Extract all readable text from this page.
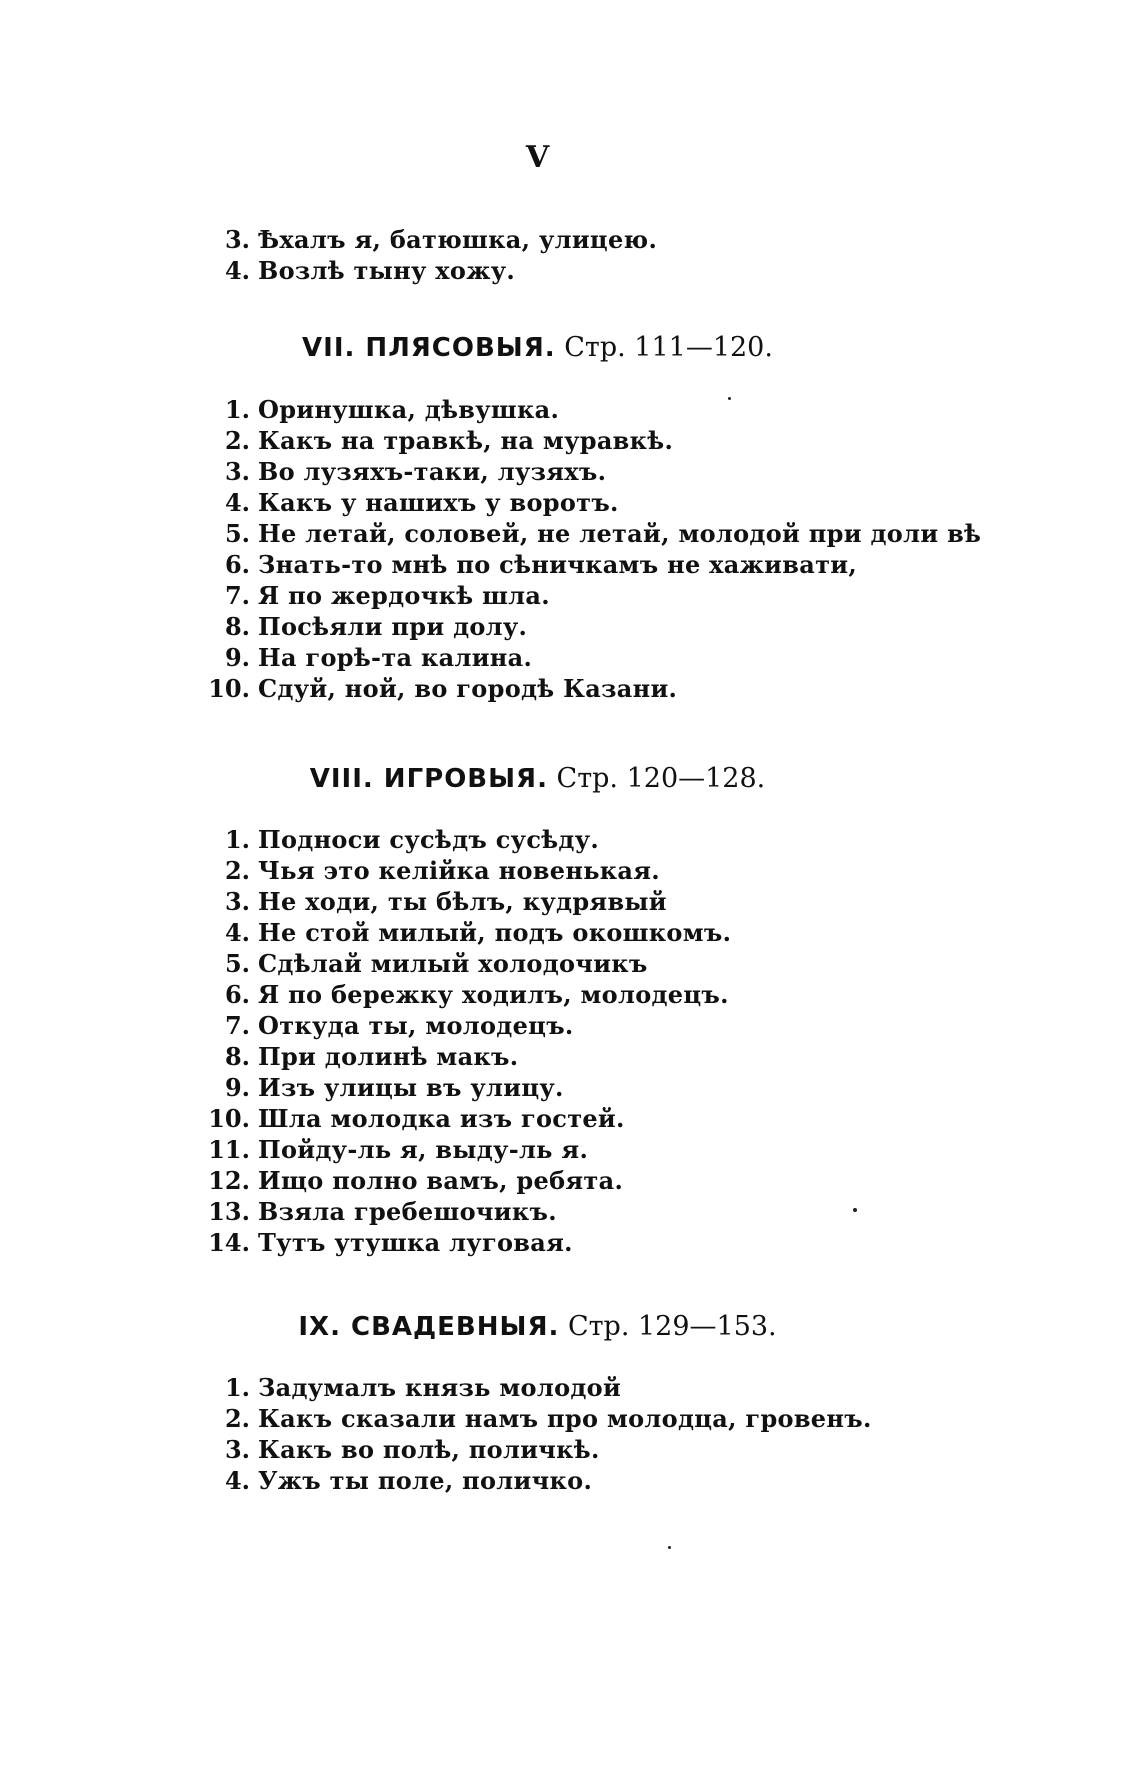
V
3. Ѣхалъ я, батюшка, улицею.
4. Возлѣ тыну хожу.
VII. ПЛЯСОВЫЯ. Стр. 111—120.
1. Оринушка, дѣвушка.
2. Какъ на травкѣ, на муравкѣ.
3. Во лузяхъ-таки, лузяхъ.
4. Какъ у нашихъ у воротъ.
5. Не летай, соловей, не летай, молодой при доли вѣ
6. Знать-то мнѣ по сѣничкамъ не хаживати,
7. Я по жердочкѣ шла.
8. Посѣяли при долу.
9. На горѣ-та калина.
10. Сдуй, ной, во городѣ Казани.
VIII. ИГРОВЫЯ. Стр. 120—128.
1. Подноси сусѣдъ сусѣду.
2. Чья это келійка новенькая.
3. Не ходи, ты бѣлъ, кудрявый
4. Не стой милый, подъ окошкомъ.
5. Сдѣлай милый холодочикъ
6. Я по бережку ходилъ, молодецъ.
7. Откуда ты, молодецъ.
8. При долинѣ макъ.
9. Изъ улицы въ улицу.
10. Шла молодка изъ гостей.
11. Пойду-ль я, выду-ль я.
12. Ищо полно вамъ, ребята.
13. Взяла гребешочикъ.
14. Тутъ утушка луговая.
IX. СВАДЕВНЫЯ. Стр. 129—153.
1. Задумалъ князь молодой
2. Какъ сказали намъ про молодца, гровенъ.
3. Какъ во полѣ, поличкѣ.
4. Ужъ ты поле, поличко.
